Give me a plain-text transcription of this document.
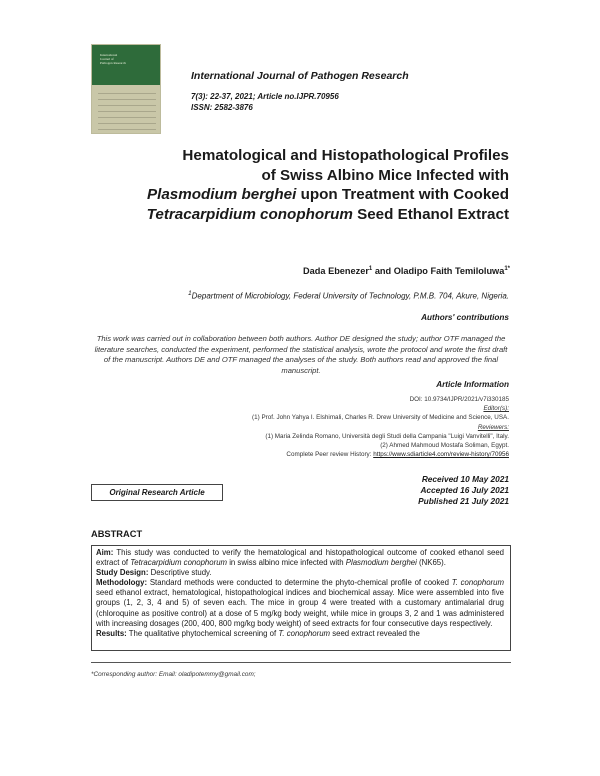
International
Journal of
Pathogen Research
International Journal of Pathogen Research
7(3): 22-37, 2021; Article no.IJPR.70956
ISSN: 2582-3876
Hematological and Histopathological Profiles
of Swiss Albino Mice Infected with
Plasmodium berghei upon Treatment with Cooked
Tetracarpidium conophorum Seed Ethanol Extract
Dada Ebenezer$^1$ and Oladipo Faith Temiloluwa$^{1*}$
$^1$Department of Microbiology, Federal University of Technology, P.M.B. 704, Akure, Nigeria.
Authors' contributions
This work was carried out in collaboration between both authors. Author DE designed the study; author OTF managed the literature searches, conducted the experiment, performed the statistical analysis, wrote the protocol and wrote the first draft of the manuscript. Authors DE and OTF managed the analyses of the study. Both authors read and approved the final manuscript.
Article Information
DOI: 10.9734/IJPR/2021/v7i330185
Editor(s):
(1) Prof. John Yahya I. Elshimali, Charles R. Drew University of Medicine and Science, USA.
Reviewers:
(1) Maria Zelinda Romano, Università degli Studi della Campania "Luigi Vanvitelli", Italy.
(2) Ahmed Mahmoud Mostafa Soliman, Egypt.
Complete Peer review History: https://www.sdiarticle4.com/review-history/70956
Received 10 May 2021
Accepted 16 July 2021
Published 21 July 2021
Original Research Article
ABSTRACT

Aim: This study was conducted to verify the hematological and histopathological outcome of cooked ethanol seed extract of Tetracarpidium conophorum in swiss albino mice infected with Plasmodium berghei (NK65).

Study Design: Descriptive study.

Methodology: Standard methods were conducted to determine the phyto-chemical profile of cooked T. conophorum seed ethanol extract, hematological, histopathological indices and biochemical assay. Mice were assembled into five groups (1, 2, 3, 4 and 5) of seven each. The mice in group 4 were treated with a customary antimalarial drug (chloroquine as positive control) at a dose of 5 mg/kg body weight, while mice in groups 3, 2 and 1 was administered with increasing dosages (200, 400, 800 mg/kg body weight) of seed extracts for four consecutive days respectively.

Results: The qualitative phytochemical screening of T. conophorum seed extract revealed the

*Corresponding author: Email: oladipotemmy@gmail.com;
